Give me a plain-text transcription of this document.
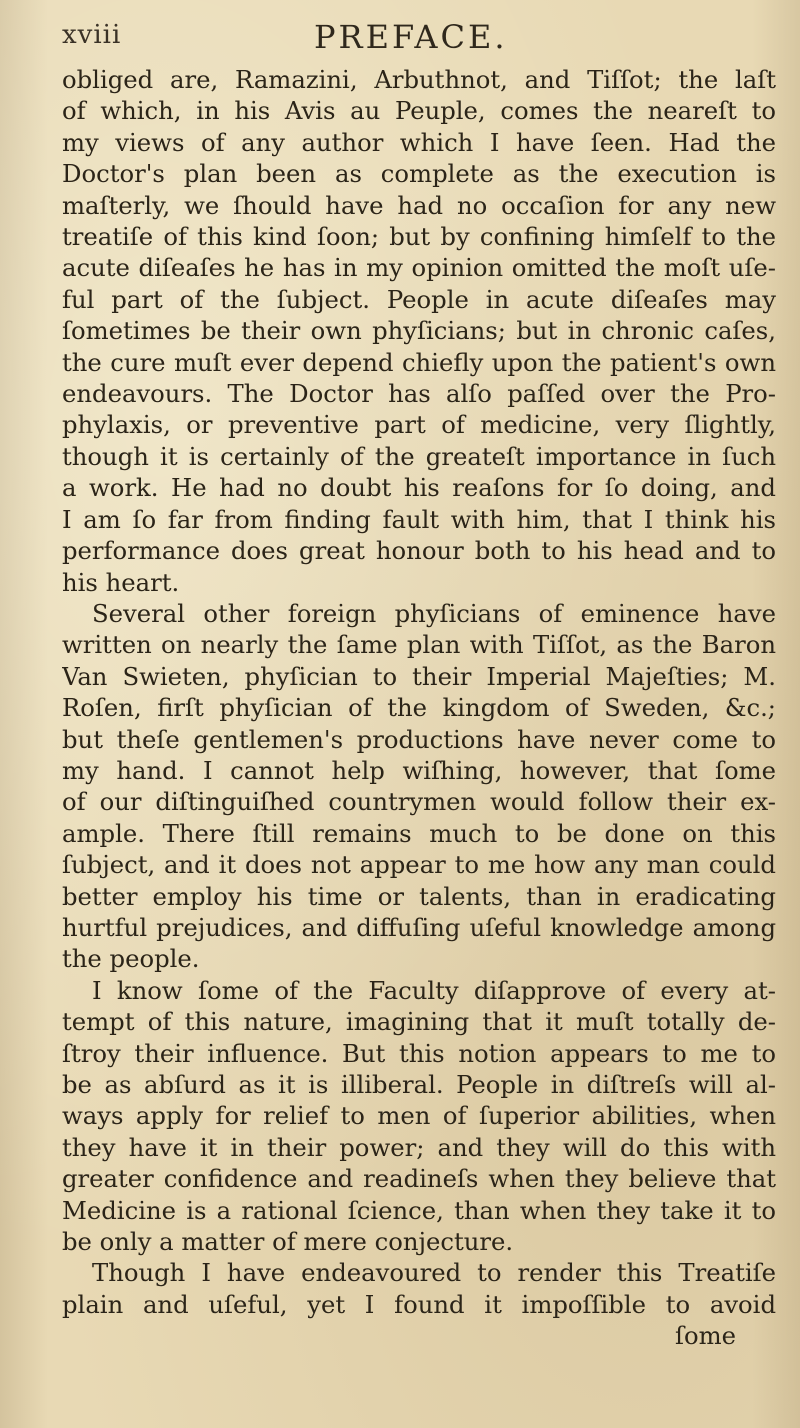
xviii	PREFACE.
obliged are, Ramazini, Arbuthnot, and Tiſſot; the laſt
of which, in his Avis au Peuple, comes the neareſt to
my views of any author which I have ſeen. Had the
Doctor's plan been as complete as the execution is
maſterly, we ſhould have had no occaſion for any new
treatiſe of this kind ſoon; but by confining himſelf to the
acute diſeaſes he has in my opinion omitted the moſt uſe-
ful part of the ſubject. People in acute diſeaſes may
ſometimes be their own phyſicians; but in chronic caſes,
the cure muſt ever depend chiefly upon the patient's own
endeavours. The Doctor has alſo paſſed over the Pro-
phylaxis, or preventive part of medicine, very ſlightly,
though it is certainly of the greateſt importance in ſuch
a work. He had no doubt his reaſons for ſo doing, and
I am ſo far from finding fault with him, that I think his
performance does great honour both to his head and to
his heart.
Several other foreign phyſicians of eminence have
written on nearly the ſame plan with Tiſſot, as the Baron
Van Swieten, phyſician to their Imperial Majeſties; M.
Roſen, firſt phyſician of the kingdom of Sweden, &c.;
but theſe gentlemen's productions have never come to
my hand. I cannot help wiſhing, however, that ſome
of our diſtinguiſhed countrymen would follow their ex-
ample. There ſtill remains much to be done on this
ſubject, and it does not appear to me how any man could
better employ his time or talents, than in eradicating
hurtful prejudices, and diffuſing uſeful knowledge among
the people.
I know ſome of the Faculty diſapprove of every at-
tempt of this nature, imagining that it muſt totally de-
ſtroy their influence. But this notion appears to me to
be as abſurd as it is illiberal. People in diſtreſs will al-
ways apply for relief to men of ſuperior abilities, when
they have it in their power; and they will do this with
greater confidence and readineſs when they believe that
Medicine is a rational ſcience, than when they take it to
be only a matter of mere conjecture.
Though I have endeavoured to render this Treatiſe
plain and uſeful, yet I found it impoſſible to avoid
ſome
